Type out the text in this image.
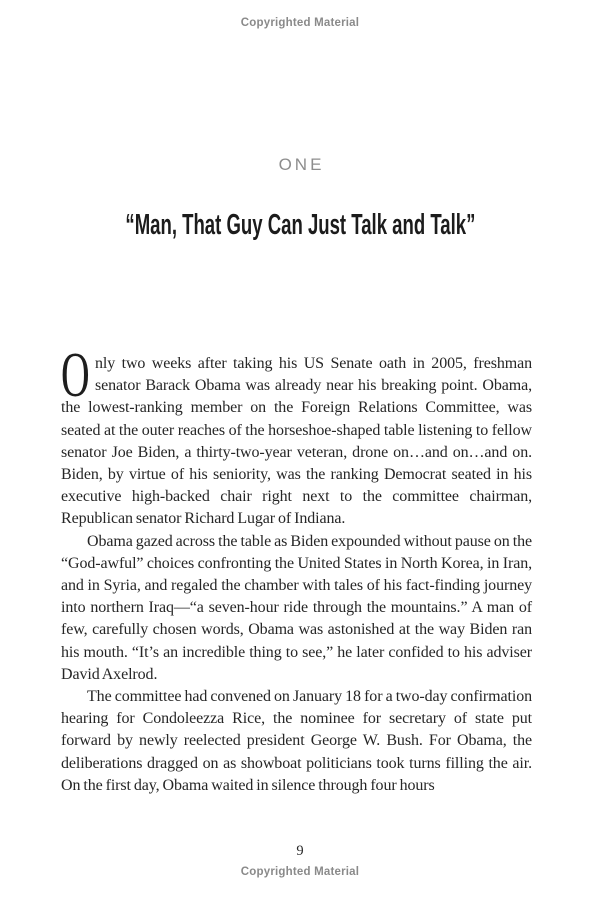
Copyrighted Material
ONE
“Man, That Guy Can Just Talk and Talk”

Only two weeks after taking his US Senate oath in 2005, freshman senator Barack Obama was already near his breaking point. Obama, the lowest-ranking member on the Foreign Relations Committee, was seated at the outer reaches of the horseshoe-shaped table listening to fellow senator Joe Biden, a thirty-two-year veteran, drone on…and on…and on. Biden, by virtue of his seniority, was the ranking Democrat seated in his executive high-backed chair right next to the committee chairman, Republican senator Richard Lugar of Indiana.

Obama gazed across the table as Biden expounded without pause on the “God-awful” choices confronting the United States in North Korea, in Iran, and in Syria, and regaled the chamber with tales of his fact-finding journey into northern Iraq—“a seven-hour ride through the mountains.” A man of few, carefully chosen words, Obama was astonished at the way Biden ran his mouth. “It’s an incredible thing to see,” he later confided to his adviser David Axelrod.

The committee had convened on January 18 for a two-day confirmation hearing for Condoleezza Rice, the nominee for secretary of state put forward by newly reelected president George W. Bush. For Obama, the deliberations dragged on as showboat politicians took turns filling the air. On the first day, Obama waited in silence through four hours

9
Copyrighted Material
